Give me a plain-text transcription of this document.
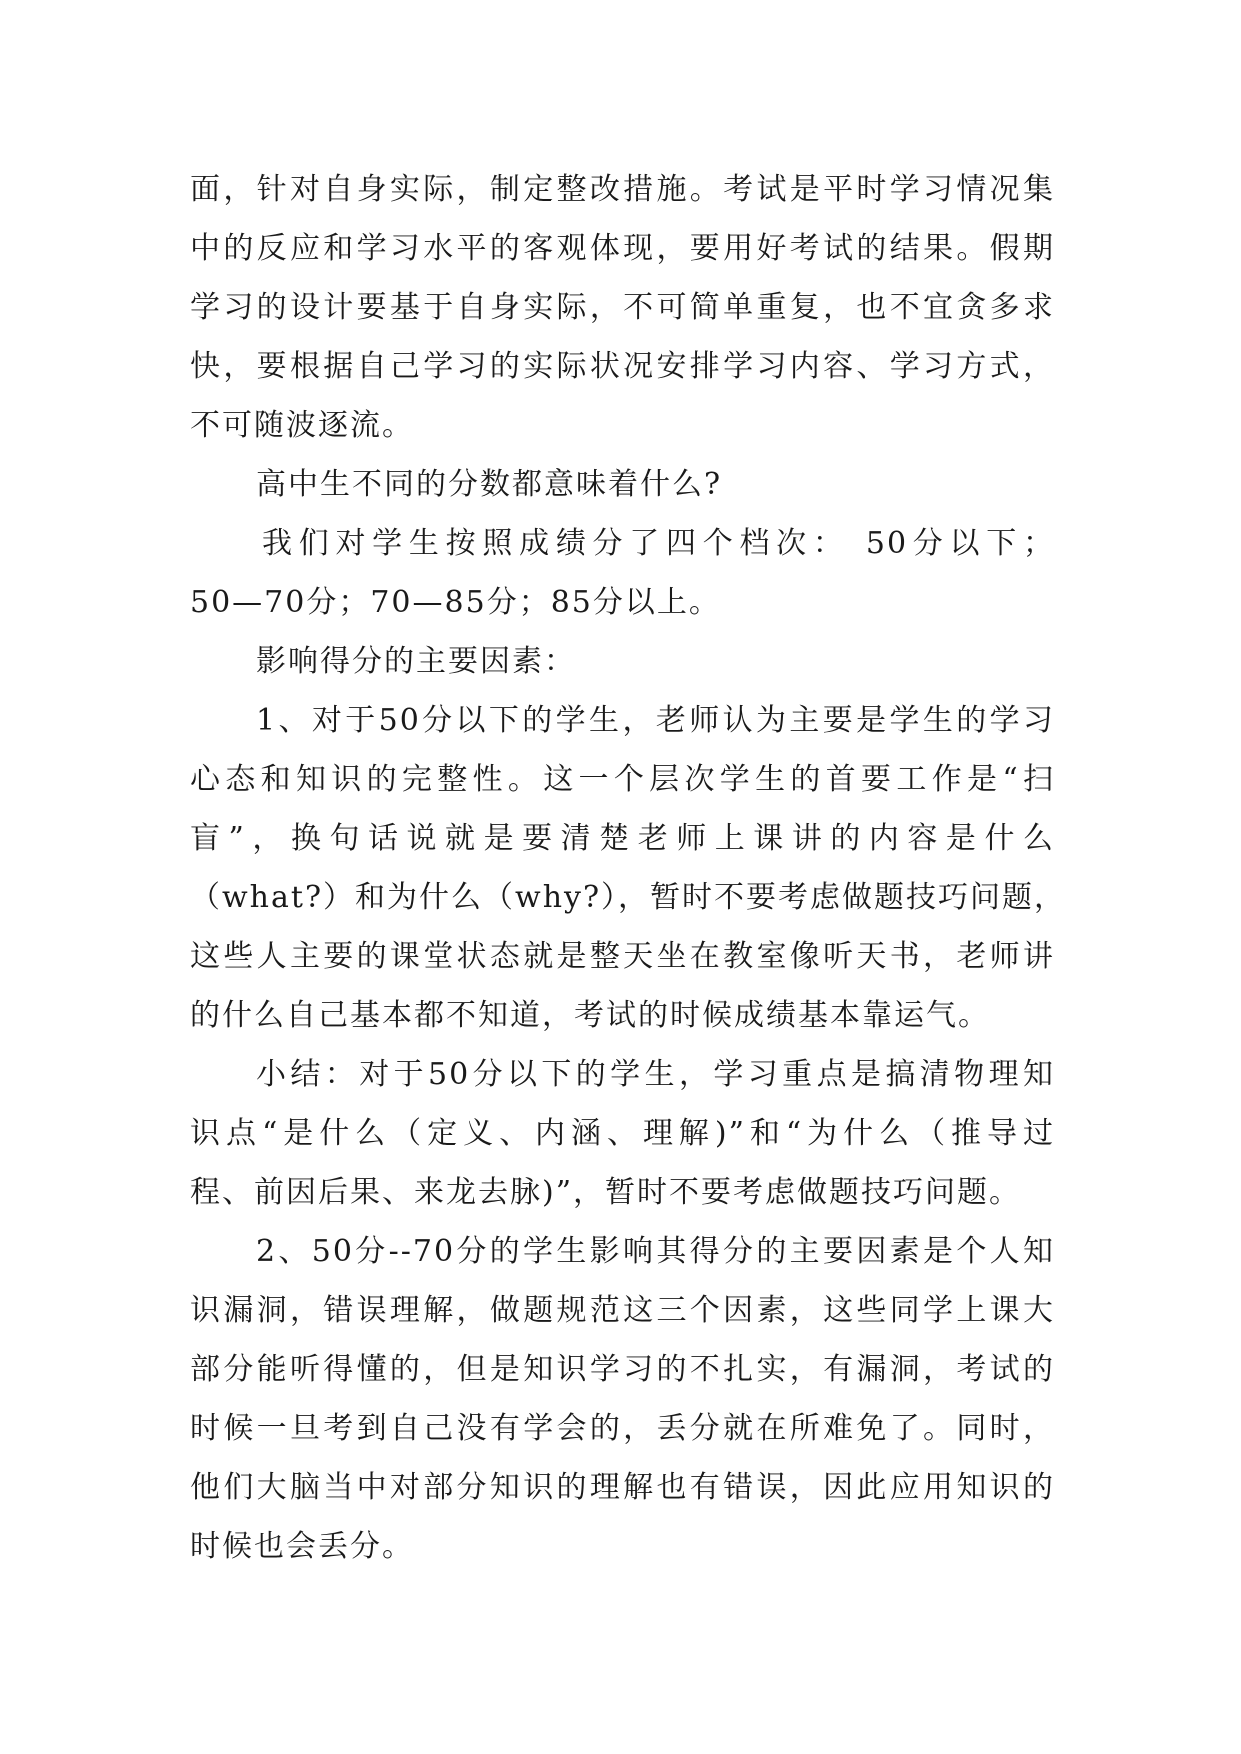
面，针对自身实际，制定整改措施。考试是平时学习情况集
中的反应和学习水平的客观体现，要用好考试的结果。假期
学习的设计要基于自身实际，不可简单重复，也不宜贪多求
快，要根据自己学习的实际状况安排学习内容、学习方式，
不可随波逐流。
高中生不同的分数都意味着什么?
我们对学生按照成绩分了四个档次： 50分以下；
50—70分；70—85分；85分以上。
影响得分的主要因素：
1、对于50分以下的学生，老师认为主要是学生的学习
心态和知识的完整性。这一个层次学生的首要工作是“扫
盲”，换句话说就是要清楚老师上课讲的内容是什么
（what?）和为什么（why?），暂时不要考虑做题技巧问题，
这些人主要的课堂状态就是整天坐在教室像听天书，老师讲
的什么自己基本都不知道，考试的时候成绩基本靠运气。
小结：对于50分以下的学生，学习重点是搞清物理知
识点“是什么（定义、内涵、理解)”和“为什么（推导过
程、前因后果、来龙去脉)”，暂时不要考虑做题技巧问题。
2、50分--70分的学生影响其得分的主要因素是个人知
识漏洞，错误理解，做题规范这三个因素，这些同学上课大
部分能听得懂的，但是知识学习的不扎实，有漏洞，考试的
时候一旦考到自己没有学会的，丢分就在所难免了。同时，
他们大脑当中对部分知识的理解也有错误，因此应用知识的
时候也会丢分。
